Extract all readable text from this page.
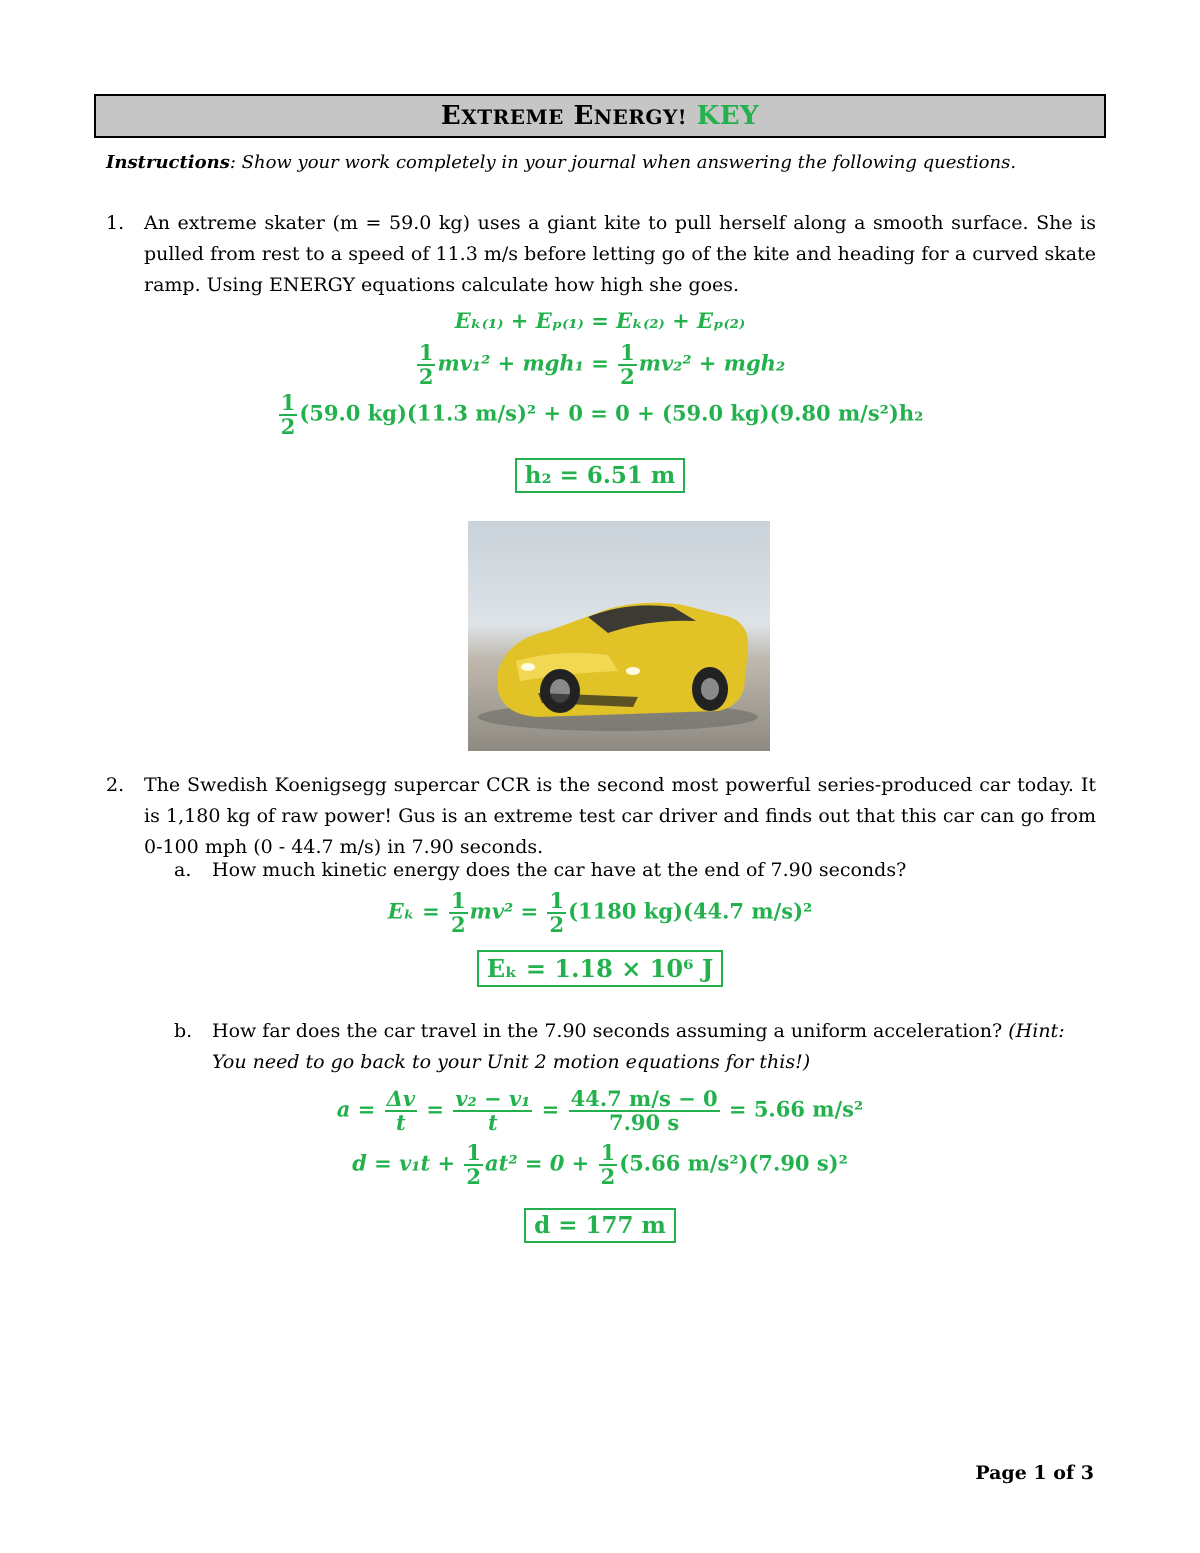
EXTREME ENERGY! KEY
Instructions: Show your work completely in your journal when answering the following questions.
1. An extreme skater (m = 59.0 kg) uses a giant kite to pull herself along a smooth surface. She is pulled from rest to a speed of 11.3 m/s before letting go of the kite and heading for a curved skate ramp. Using ENERGY equations calculate how high she goes.
Eₖ₍₁₎ + Eₚ₍₁₎ = Eₖ₍₂₎ + Eₚ₍₂₎
$\frac{1}{2} mv_1^2 + mgh_1 = \frac{1}{2} mv_2^2 + mgh_2$
$\frac{1}{2} (59.0$ kg)(11.3 m/s)² + 0 = 0 + (59.0 kg)(9.80 m/s²)h₂
h₂ = 6.51 m
2. The Swedish Koenigsegg supercar CCR is the second most powerful series-produced car today. It is 1,180 kg of raw power! Gus is an extreme test car driver and finds out that this car can go from 0-100 mph (0 - 44.7 m/s) in 7.90 seconds.
a. How much kinetic energy does the car have at the end of 7.90 seconds?
$E_k = \frac{1}{2} mv^2 = \frac{1}{2} (1180$ kg)(44.7 m/s)²
Eₖ = 1.18 × 10⁶ J
b. How far does the car travel in the 7.90 seconds assuming a uniform acceleration? (Hint: You need to go back to your Unit 2 motion equations for this!)
$a = \frac{\Delta v}{t} = \frac{\text{v₂ − v₁}}{t} = \frac{44.7 m/s - 0}{7.90 s} = 5.66$ m/s²
$d = v_1t + \frac{1}{2} at^2 = 0 + \frac{1}{2} (5.66$ m/s²)(7.90 s)²
d = 177 m
Page 1 of 3
